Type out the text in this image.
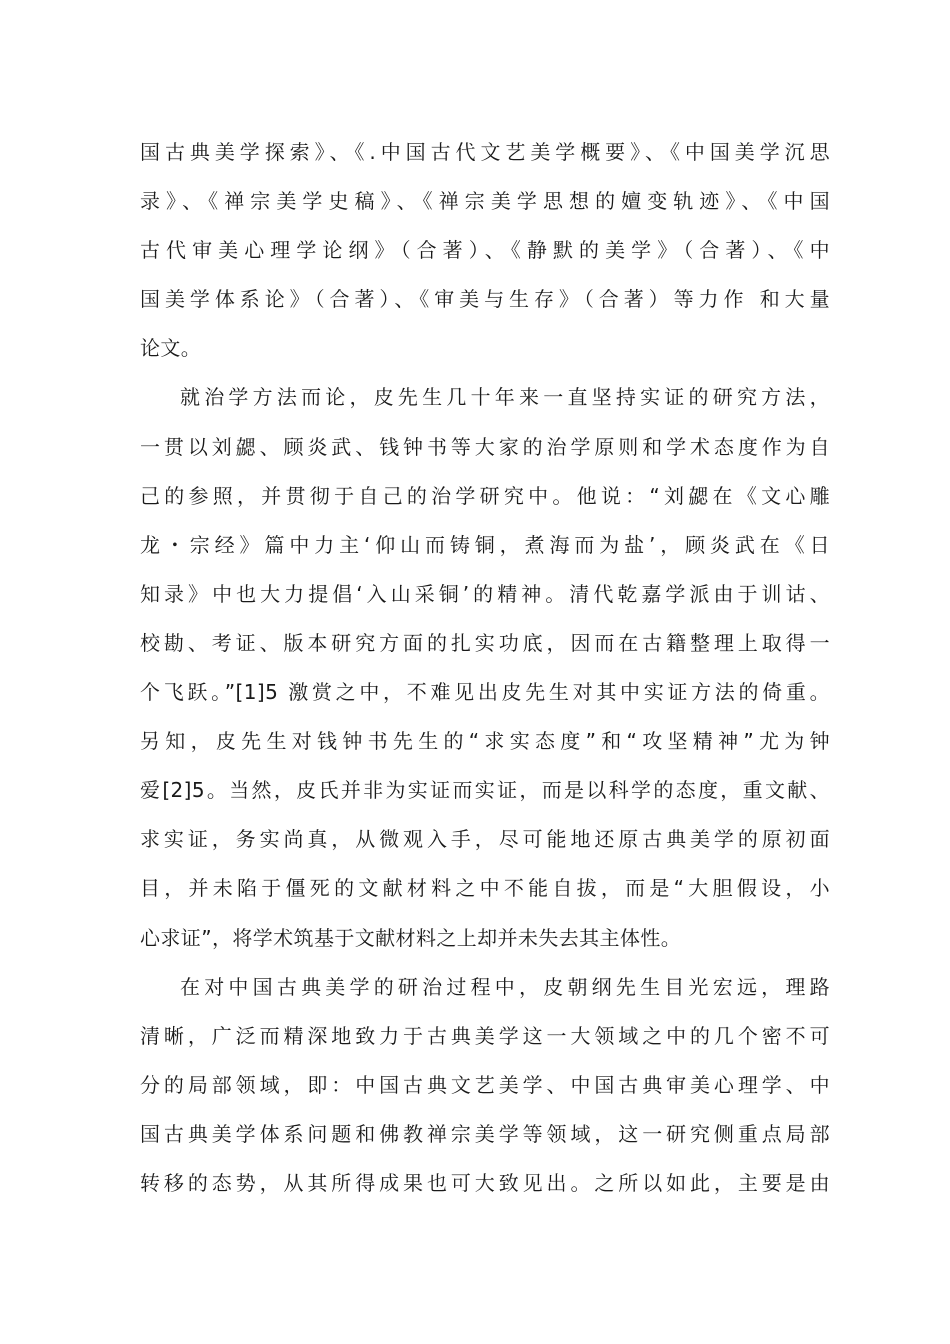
国古典美学探索》、《.中国古代文艺美学概要》、《中国美学沉思
录》、《禅宗美学史稿》、《禅宗美学思想的嬗变轨迹》、《中国
古代审美心理学论纲》（合著）、《静默的美学》（合著）、《中
国美学体系论》（合著）、《审美与生存》（合著）等力作 和大量
论文。
就治学方法而论，皮先生几十年来一直坚持实证的研究方法，
一贯以刘勰、顾炎武、钱钟书等大家的治学原则和学术态度作为自
己的参照，并贯彻于自己的治学研究中。他说：“刘勰在《文心雕
龙・宗经》篇中力主‘仰山而铸铜，煮海而为盐’，顾炎武在《日
知录》中也大力提倡‘入山采铜’的精神。清代乾嘉学派由于训诂、
校勘、考证、版本研究方面的扎实功底，因而在古籍整理上取得一
个飞跃。”[1]5 激赏之中，不难见出皮先生对其中实证方法的倚重。
另知，皮先生对钱钟书先生的“求实态度”和“攻坚精神”尤为钟
爱[2]5。当然，皮氏并非为实证而实证，而是以科学的态度，重文献、
求实证，务实尚真，从微观入手，尽可能地还原古典美学的原初面
目，并未陷于僵死的文献材料之中不能自拔，而是“大胆假设，小
心求证”，将学术筑基于文献材料之上却并未失去其主体性。
在对中国古典美学的研治过程中，皮朝纲先生目光宏远，理路
清晰，广泛而精深地致力于古典美学这一大领域之中的几个密不可
分的局部领域，即：中国古典文艺美学、中国古典审美心理学、中
国古典美学体系问题和佛教禅宗美学等领域，这一研究侧重点局部
转移的态势，从其所得成果也可大致见出。之所以如此，主要是由
